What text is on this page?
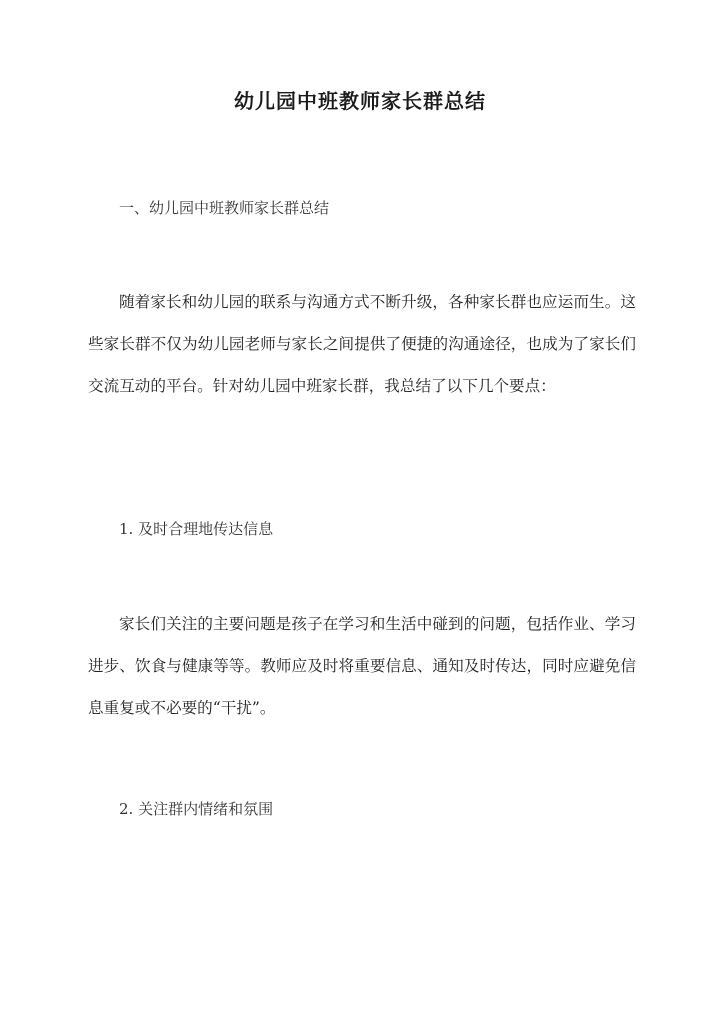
幼儿园中班教师家长群总结
一、幼儿园中班教师家长群总结
随着家长和幼儿园的联系与沟通方式不断升级，各种家长群也应运而生。这些家长群不仅为幼儿园老师与家长之间提供了便捷的沟通途径，也成为了家长们交流互动的平台。针对幼儿园中班家长群，我总结了以下几个要点：
1. 及时合理地传达信息
家长们关注的主要问题是孩子在学习和生活中碰到的问题，包括作业、学习进步、饮食与健康等等。教师应及时将重要信息、通知及时传达，同时应避免信息重复或不必要的“干扰”。
2. 关注群内情绪和氛围
